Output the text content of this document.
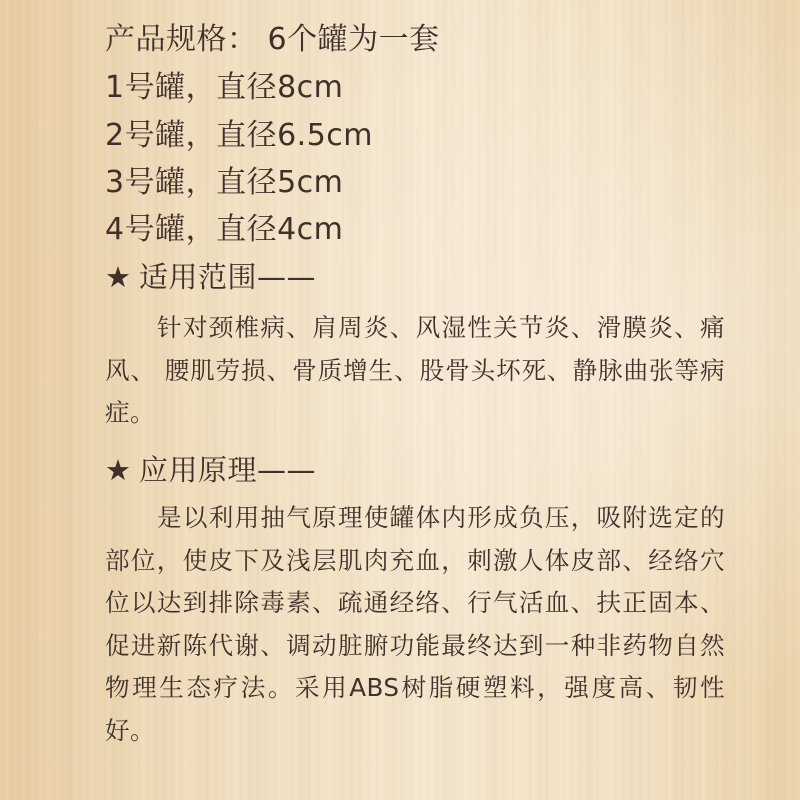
产品规格： 6个罐为一套
1号罐，直径8cm
2号罐，直径6.5cm
3号罐，直径5cm
4号罐，直径4cm
★ 适用范围——

针对颈椎病、肩周炎、风湿性关节炎、滑膜炎、痛风、 腰肌劳损、骨质增生、股骨头坏死、静脉曲张等病症。

★ 应用原理——

是以利用抽气原理使罐体内形成负压，吸附选定的部位，使皮下及浅层肌肉充血，刺激人体皮部、经络穴位以达到排除毒素、疏通经络、行气活血、扶正固本、促进新陈代谢、调动脏腑功能最终达到一种非药物自然物理生态疗法。采用ABS树脂硬塑料，强度高、韧性好。
